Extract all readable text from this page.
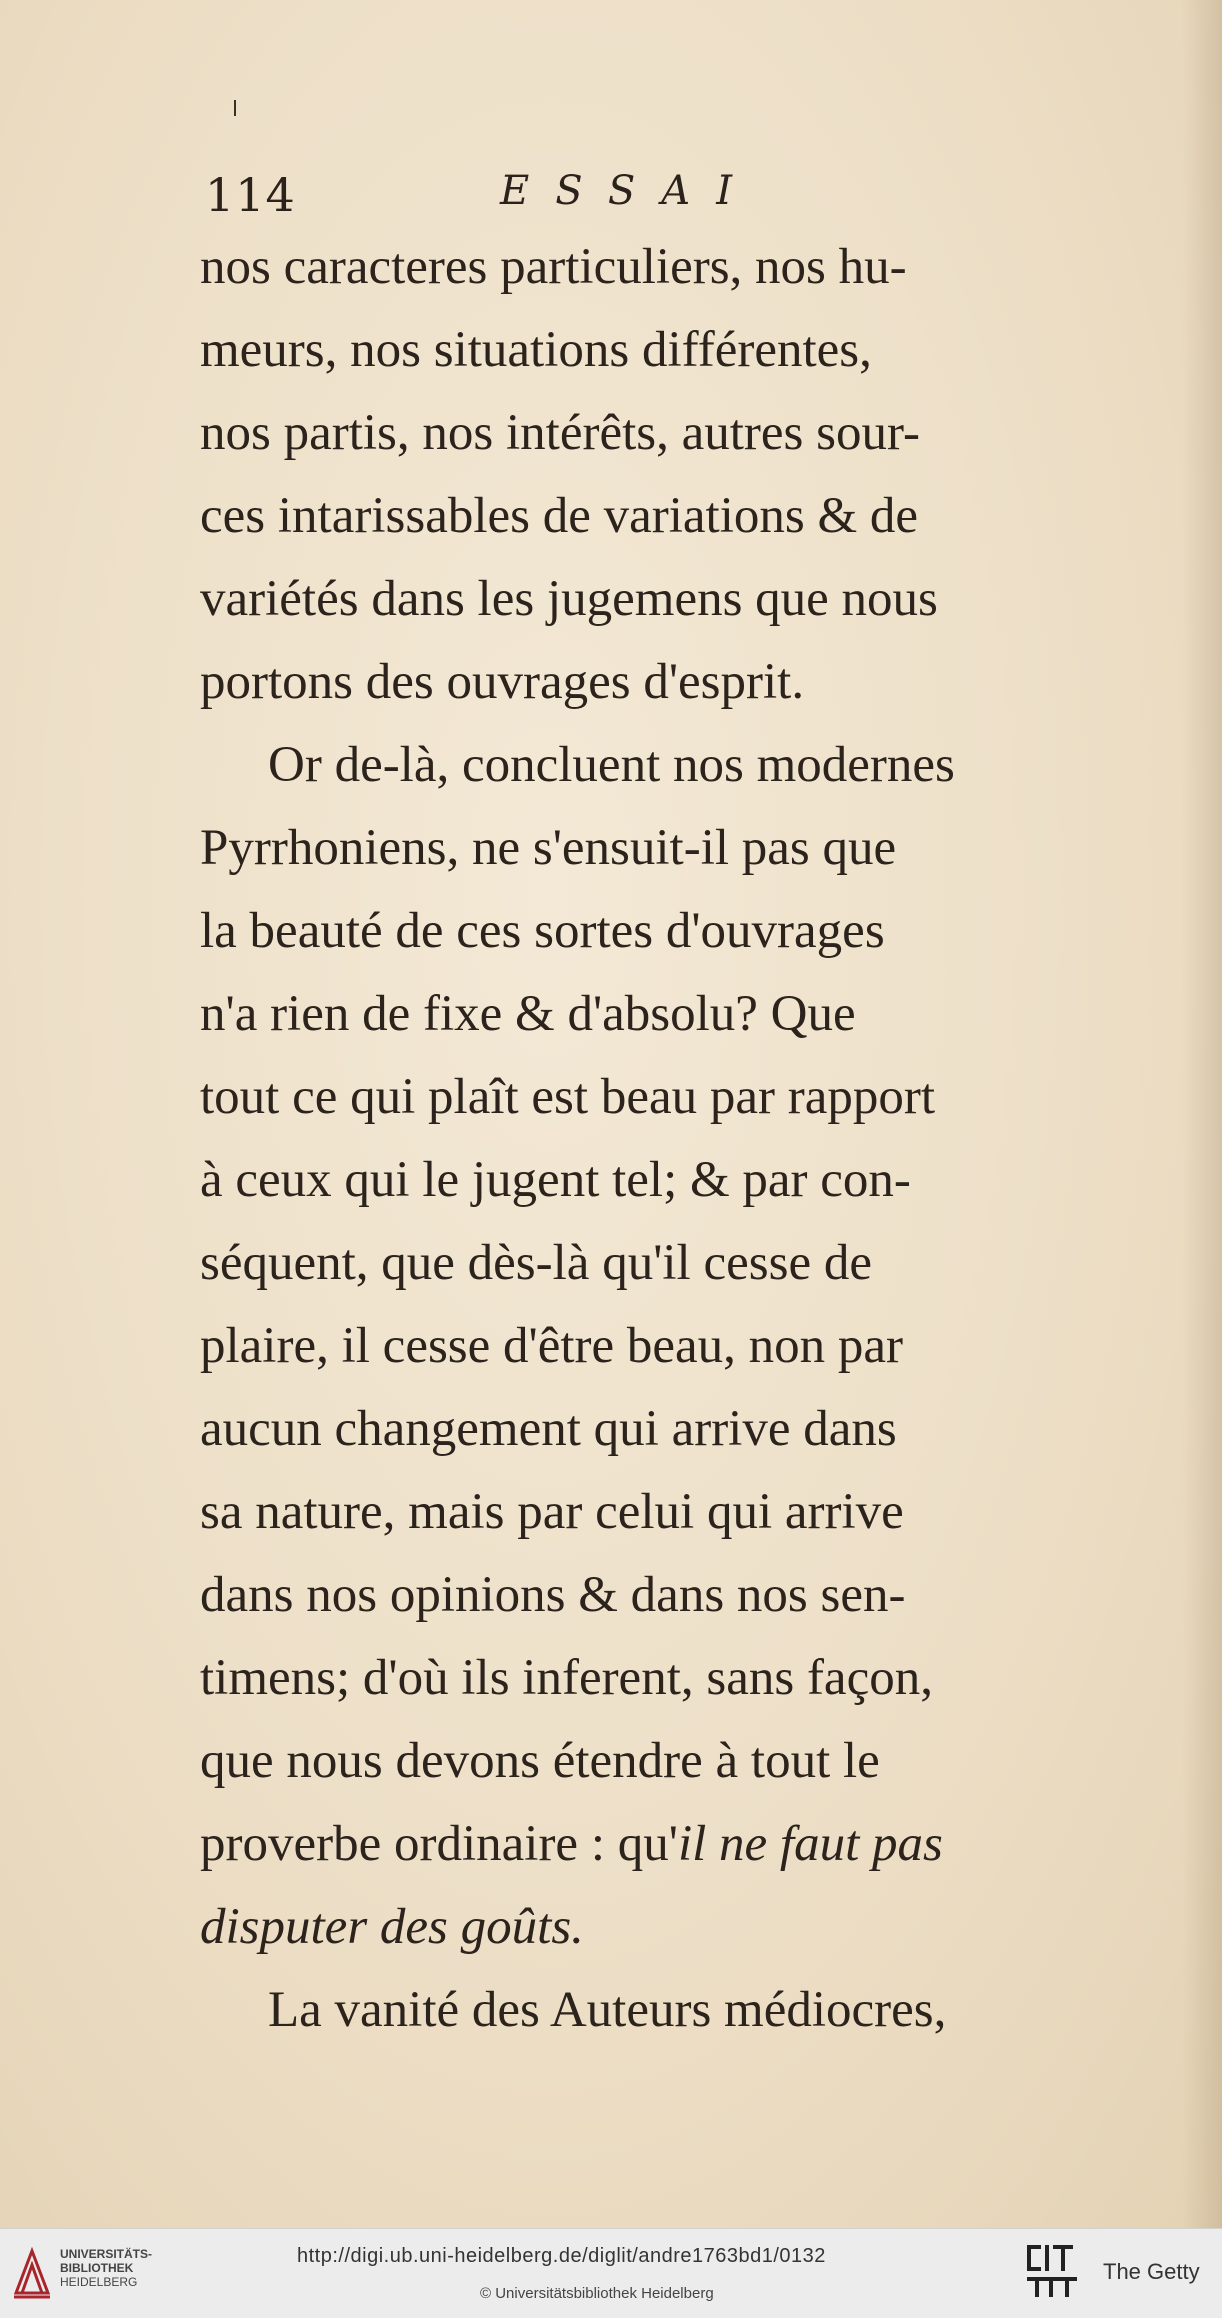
114	ESSAI
nos caracteres particuliers, nos hu-
meurs, nos situations différentes,
nos partis, nos intérêts, autres sour-
ces intarissables de variations & de
variétés dans les jugemens que nous
portons des ouvrages d'esprit.
Or de-là, concluent nos modernes
Pyrrhoniens, ne s'ensuit-il pas que
la beauté de ces sortes d'ouvrages
n'a rien de fixe & d'absolu? Que
tout ce qui plaît est beau par rapport
à ceux qui le jugent tel; & par con-
séquent, que dès-là qu'il cesse de
plaire, il cesse d'être beau, non par
aucun changement qui arrive dans
sa nature, mais par celui qui arrive
dans nos opinions & dans nos sen-
timens; d'où ils inferent, sans façon,
que nous devons étendre à tout le
proverbe ordinaire : qu'il ne faut pas
disputer des goûts.
La vanité des Auteurs médiocres,
UNIVERSITÄTS-
BIBLIOTHEK
HEIDELBERG
http://digi.ub.uni-heidelberg.de/diglit/andre1763bd1/0132
© Universitätsbibliothek Heidelberg
The Getty
